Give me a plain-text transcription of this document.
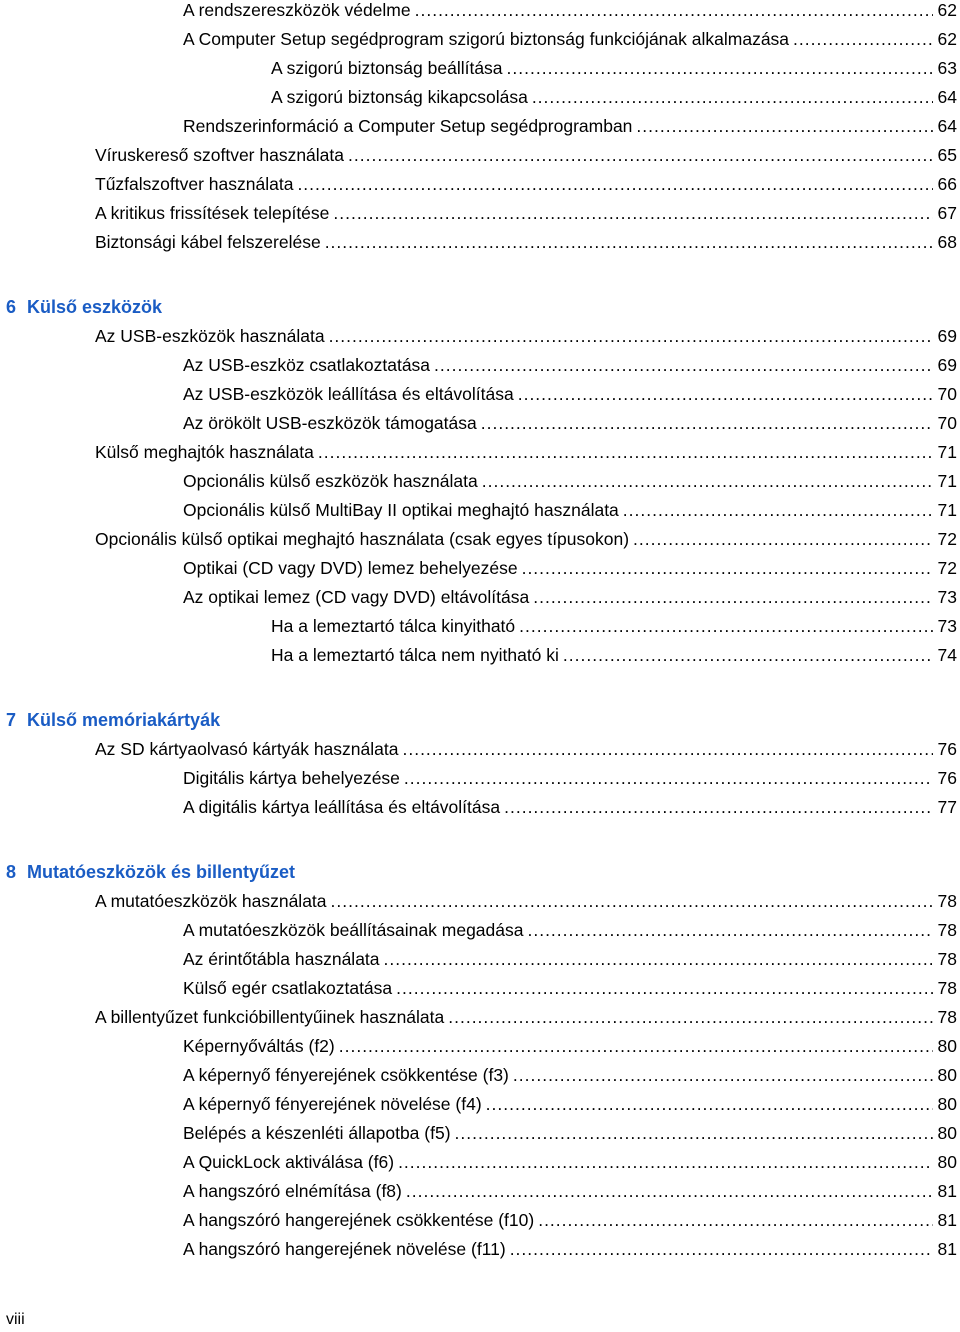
A rendszereszközök védelme .....	62
A Computer Setup segédprogram szigorú biztonság funkciójának alkalmazása .....	62
A szigorú biztonság beállítása .....	63
A szigorú biztonság kikapcsolása .....	64
Rendszerinformáció a Computer Setup segédprogramban .....	64
Víruskereső szoftver használata .....	65
Tűzfalszoftver használata .....	66
A kritikus frissítések telepítése .....	67
Biztonsági kábel felszerelése .....	68
6 Külső eszközök
Az USB-eszközök használata .....	69
Az USB-eszköz csatlakoztatása .....	69
Az USB-eszközök leállítása és eltávolítása .....	70
Az örökölt USB-eszközök támogatása .....	70
Külső meghajtók használata .....	71
Opcionális külső eszközök használata .....	71
Opcionális külső MultiBay II optikai meghajtó használata .....	71
Opcionális külső optikai meghajtó használata (csak egyes típusokon) .....	72
Optikai (CD vagy DVD) lemez behelyezése .....	72
Az optikai lemez (CD vagy DVD) eltávolítása .....	73
Ha a lemeztartó tálca kinyitható .....	73
Ha a lemeztartó tálca nem nyitható ki .....	74
7 Külső memóriakártyák
Az SD kártyaolvasó kártyák használata .....	76
Digitális kártya behelyezése .....	76
A digitális kártya leállítása és eltávolítása .....	77
8 Mutatóeszközök és billentyűzet
A mutatóeszközök használata .....	78
A mutatóeszközök beállításainak megadása .....	78
Az érintőtábla használata .....	78
Külső egér csatlakoztatása .....	78
A billentyűzet funkcióbillentyűinek használata .....	78
Képernyőváltás (f2) .....	80
A képernyő fényerejének csökkentése (f3) .....	80
A képernyő fényerejének növelése (f4) .....	80
Belépés a készenléti állapotba (f5) .....	80
A QuickLock aktiválása (f6) .....	80
A hangszóró elnémítása (f8) .....	81
A hangszóró hangerejének csökkentése (f10) .....	81
A hangszóró hangerejének növelése (f11) .....	81
viii
